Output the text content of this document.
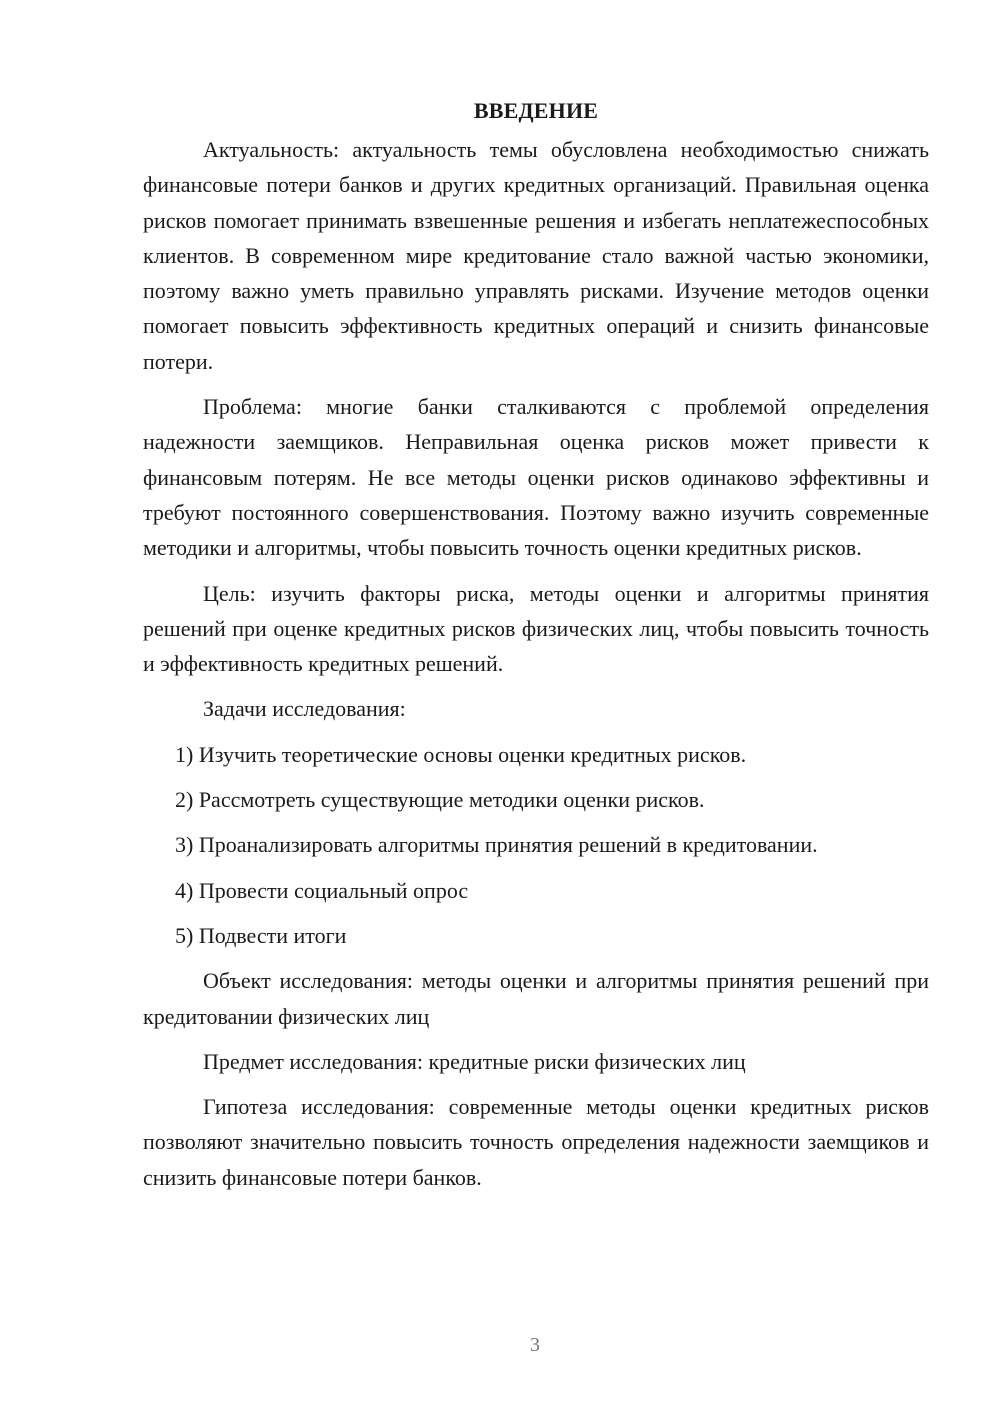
ВВЕДЕНИЕ

Актуальность: актуальность темы обусловлена необходимостью снижать финансовые потери банков и других кредитных организаций. Правильная оценка рисков помогает принимать взвешенные решения и избегать неплатежеспособных клиентов. В современном мире кредитование стало важной частью экономики, поэтому важно уметь правильно управлять рисками. Изучение методов оценки помогает повысить эффективность кредитных операций и снизить финансовые потери.

Проблема: многие банки сталкиваются с проблемой определения надежности заемщиков. Неправильная оценка рисков может привести к финансовым потерям. Не все методы оценки рисков одинаково эффективны и требуют постоянного совершенствования. Поэтому важно изучить современные методики и алгоритмы, чтобы повысить точность оценки кредитных рисков.

Цель: изучить факторы риска, методы оценки и алгоритмы принятия решений при оценке кредитных рисков физических лиц, чтобы повысить точность и эффективность кредитных решений.

Задачи исследования:

1) Изучить теоретические основы оценки кредитных рисков.

2) Рассмотреть существующие методики оценки рисков.

3) Проанализировать алгоритмы принятия решений в кредитовании.

4) Провести социальный опрос

5) Подвести итоги

Объект исследования: методы оценки и алгоритмы принятия решений при кредитовании физических лиц

Предмет исследования: кредитные риски физических лиц

Гипотеза исследования: современные методы оценки кредитных рисков позволяют значительно повысить точность определения надежности заемщиков и снизить финансовые потери банков.

3
